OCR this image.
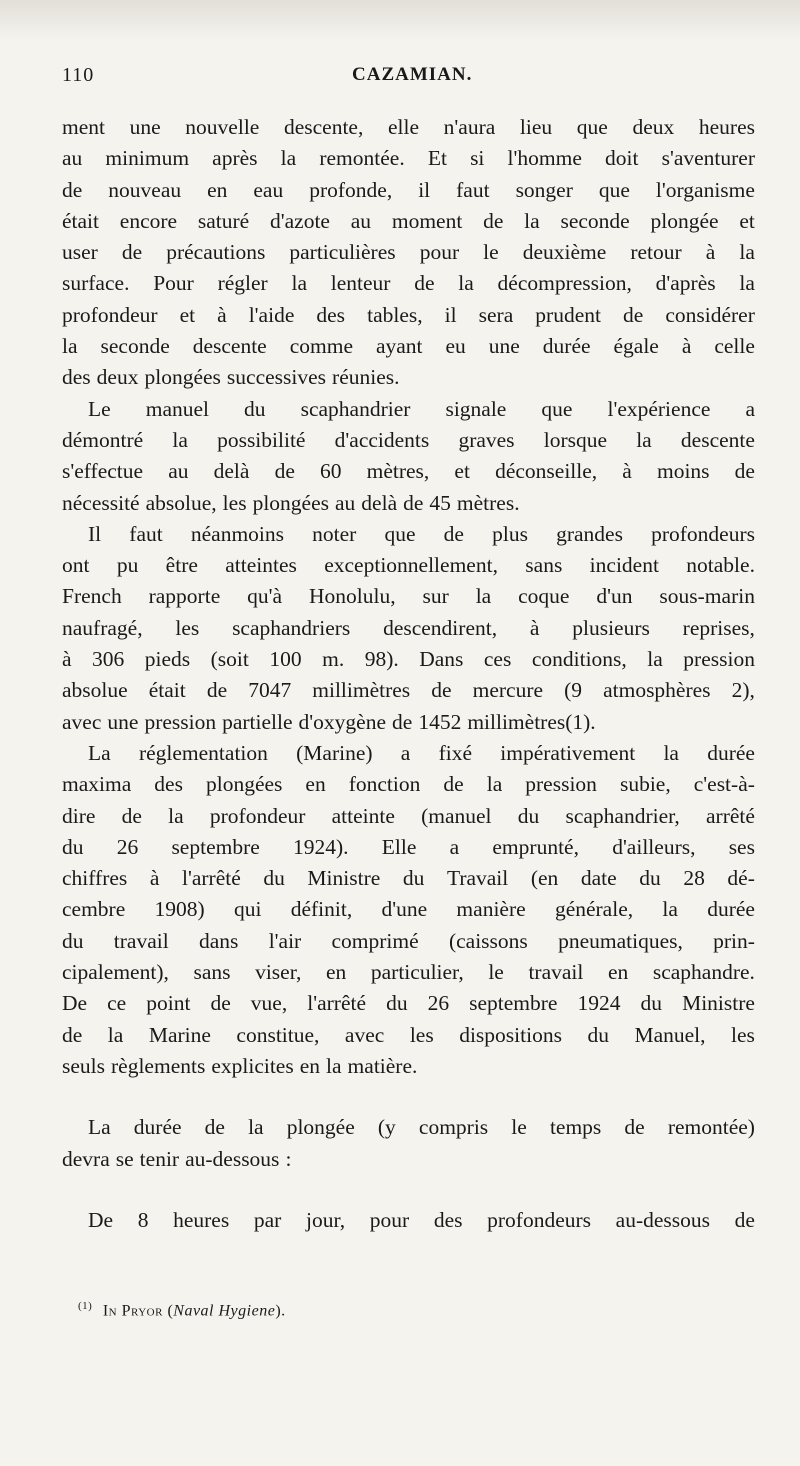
110	CAZAMIAN.
ment une nouvelle descente, elle n'aura lieu que deux heures
au minimum après la remontée. Et si l'homme doit s'aventurer
de nouveau en eau profonde, il faut songer que l'organisme
était encore saturé d'azote au moment de la seconde plongée et
user de précautions particulières pour le deuxième retour à la
surface. Pour régler la lenteur de la décompression, d'après la
profondeur et à l'aide des tables, il sera prudent de considérer
la seconde descente comme ayant eu une durée égale à celle
des deux plongées successives réunies.
Le manuel du scaphandrier signale que l'expérience a
démontré la possibilité d'accidents graves lorsque la descente
s'effectue au delà de 60 mètres, et déconseille, à moins de
nécessité absolue, les plongées au delà de 45 mètres.
Il faut néanmoins noter que de plus grandes profondeurs
ont pu être atteintes exceptionnellement, sans incident notable.
French rapporte qu'à Honolulu, sur la coque d'un sous-marin
naufragé, les scaphandriers descendirent, à plusieurs reprises,
à 306 pieds (soit 100 m. 98). Dans ces conditions, la pression
absolue était de 7047 millimètres de mercure (9 atmosphères 2),
avec une pression partielle d'oxygène de 1452 millimètres(1).
La réglementation (Marine) a fixé impérativement la durée
maxima des plongées en fonction de la pression subie, c'est-à-
dire de la profondeur atteinte (manuel du scaphandrier, arrêté
du 26 septembre 1924). Elle a emprunté, d'ailleurs, ses
chiffres à l'arrêté du Ministre du Travail (en date du 28 dé-
cembre 1908) qui définit, d'une manière générale, la durée
du travail dans l'air comprimé (caissons pneumatiques, prin-
cipalement), sans viser, en particulier, le travail en scaphandre.
De ce point de vue, l'arrêté du 26 septembre 1924 du Ministre
de la Marine constitue, avec les dispositions du Manuel, les
seuls règlements explicites en la matière.
La durée de la plongée (y compris le temps de remontée)
devra se tenir au-dessous :
De 8 heures par jour, pour des profondeurs au-dessous de
$^{(1)}$ In Pryor (Naval Hygiene).
